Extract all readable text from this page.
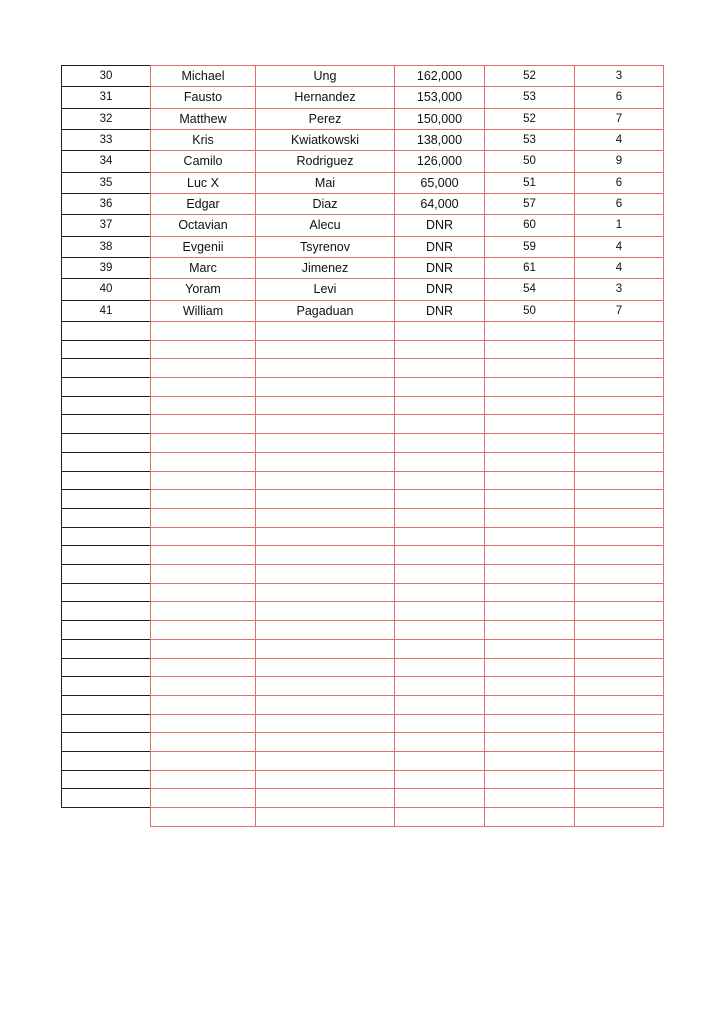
30	Michael	Ung	162,000	52	3
31	Fausto	Hernandez	153,000	53	6
32	Matthew	Perez	150,000	52	7
33	Kris	Kwiatkowski	138,000	53	4
34	Camilo	Rodriguez	126,000	50	9
35	Luc X	Mai	65,000	51	6
36	Edgar	Diaz	64,000	57	6
37	Octavian	Alecu	DNR	60	1
38	Evgenii	Tsyrenov	DNR	59	4
39	Marc	Jimenez	DNR	61	4
40	Yoram	Levi	DNR	54	3
41	William	Pagaduan	DNR	50	7
